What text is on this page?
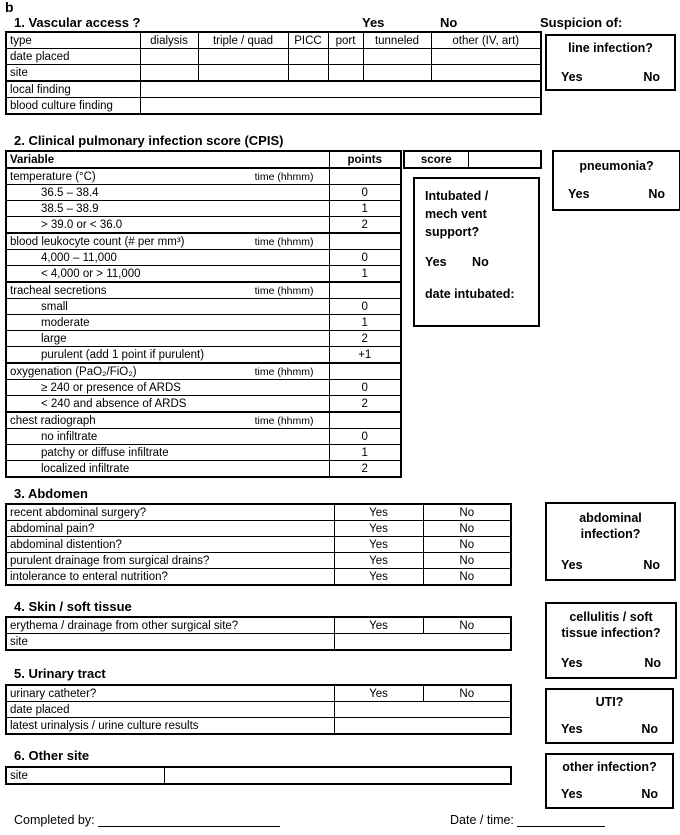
b
1. Vascular access ?	Yes	No	Suspicion of:
type	dialysis	triple / quad	PICC	port	tunneled	other (IV, art)
date placed						
site						
local finding						
blood culture finding						
line infection?
Yes	No
2. Clinical pulmonary infection score (CPIS)
Variable	points
temperature (°C) time (hhmm)	

36.5 – 38.4	0
38.5 – 38.9	1
> 39.0 or < 36.0	2
blood leukocyte count (# per mm³) time (hhmm)	

4,000 – 11,000	0
< 4,000 or > 11,000	1
tracheal secretions time (hhmm)	

small	0
moderate	1
large	2
purulent (add 1 point if purulent)	+1
oxygenation (PaO₂/FiO₂) time (hhmm)	

≥ 240 or presence of ARDS	0
< 240 and absence of ARDS	2
chest radiograph time (hhmm)	

no infiltrate	0
patchy or diffuse infiltrate	1
localized infiltrate	2
score	
Intubated / mech vent support?
Yes No
date intubated:
pneumonia?
Yes	No
3. Abdomen
recent abdominal surgery?	Yes	No
abdominal pain?	Yes	No
abdominal distention?	Yes	No
purulent drainage from surgical drains?	Yes	No
intolerance to enteral nutrition?	Yes	No
abdominal infection?
Yes	No
4. Skin / soft tissue
erythema / drainage from other surgical site?	Yes	No
site		
cellulitis / soft tissue infection?
Yes	No
5. Urinary tract
urinary catheter?	Yes	No
date placed		
latest urinalysis / urine culture results		
UTI?
Yes	No
6. Other site
site	
other infection?
Yes	No
Completed by:	Date / time:
